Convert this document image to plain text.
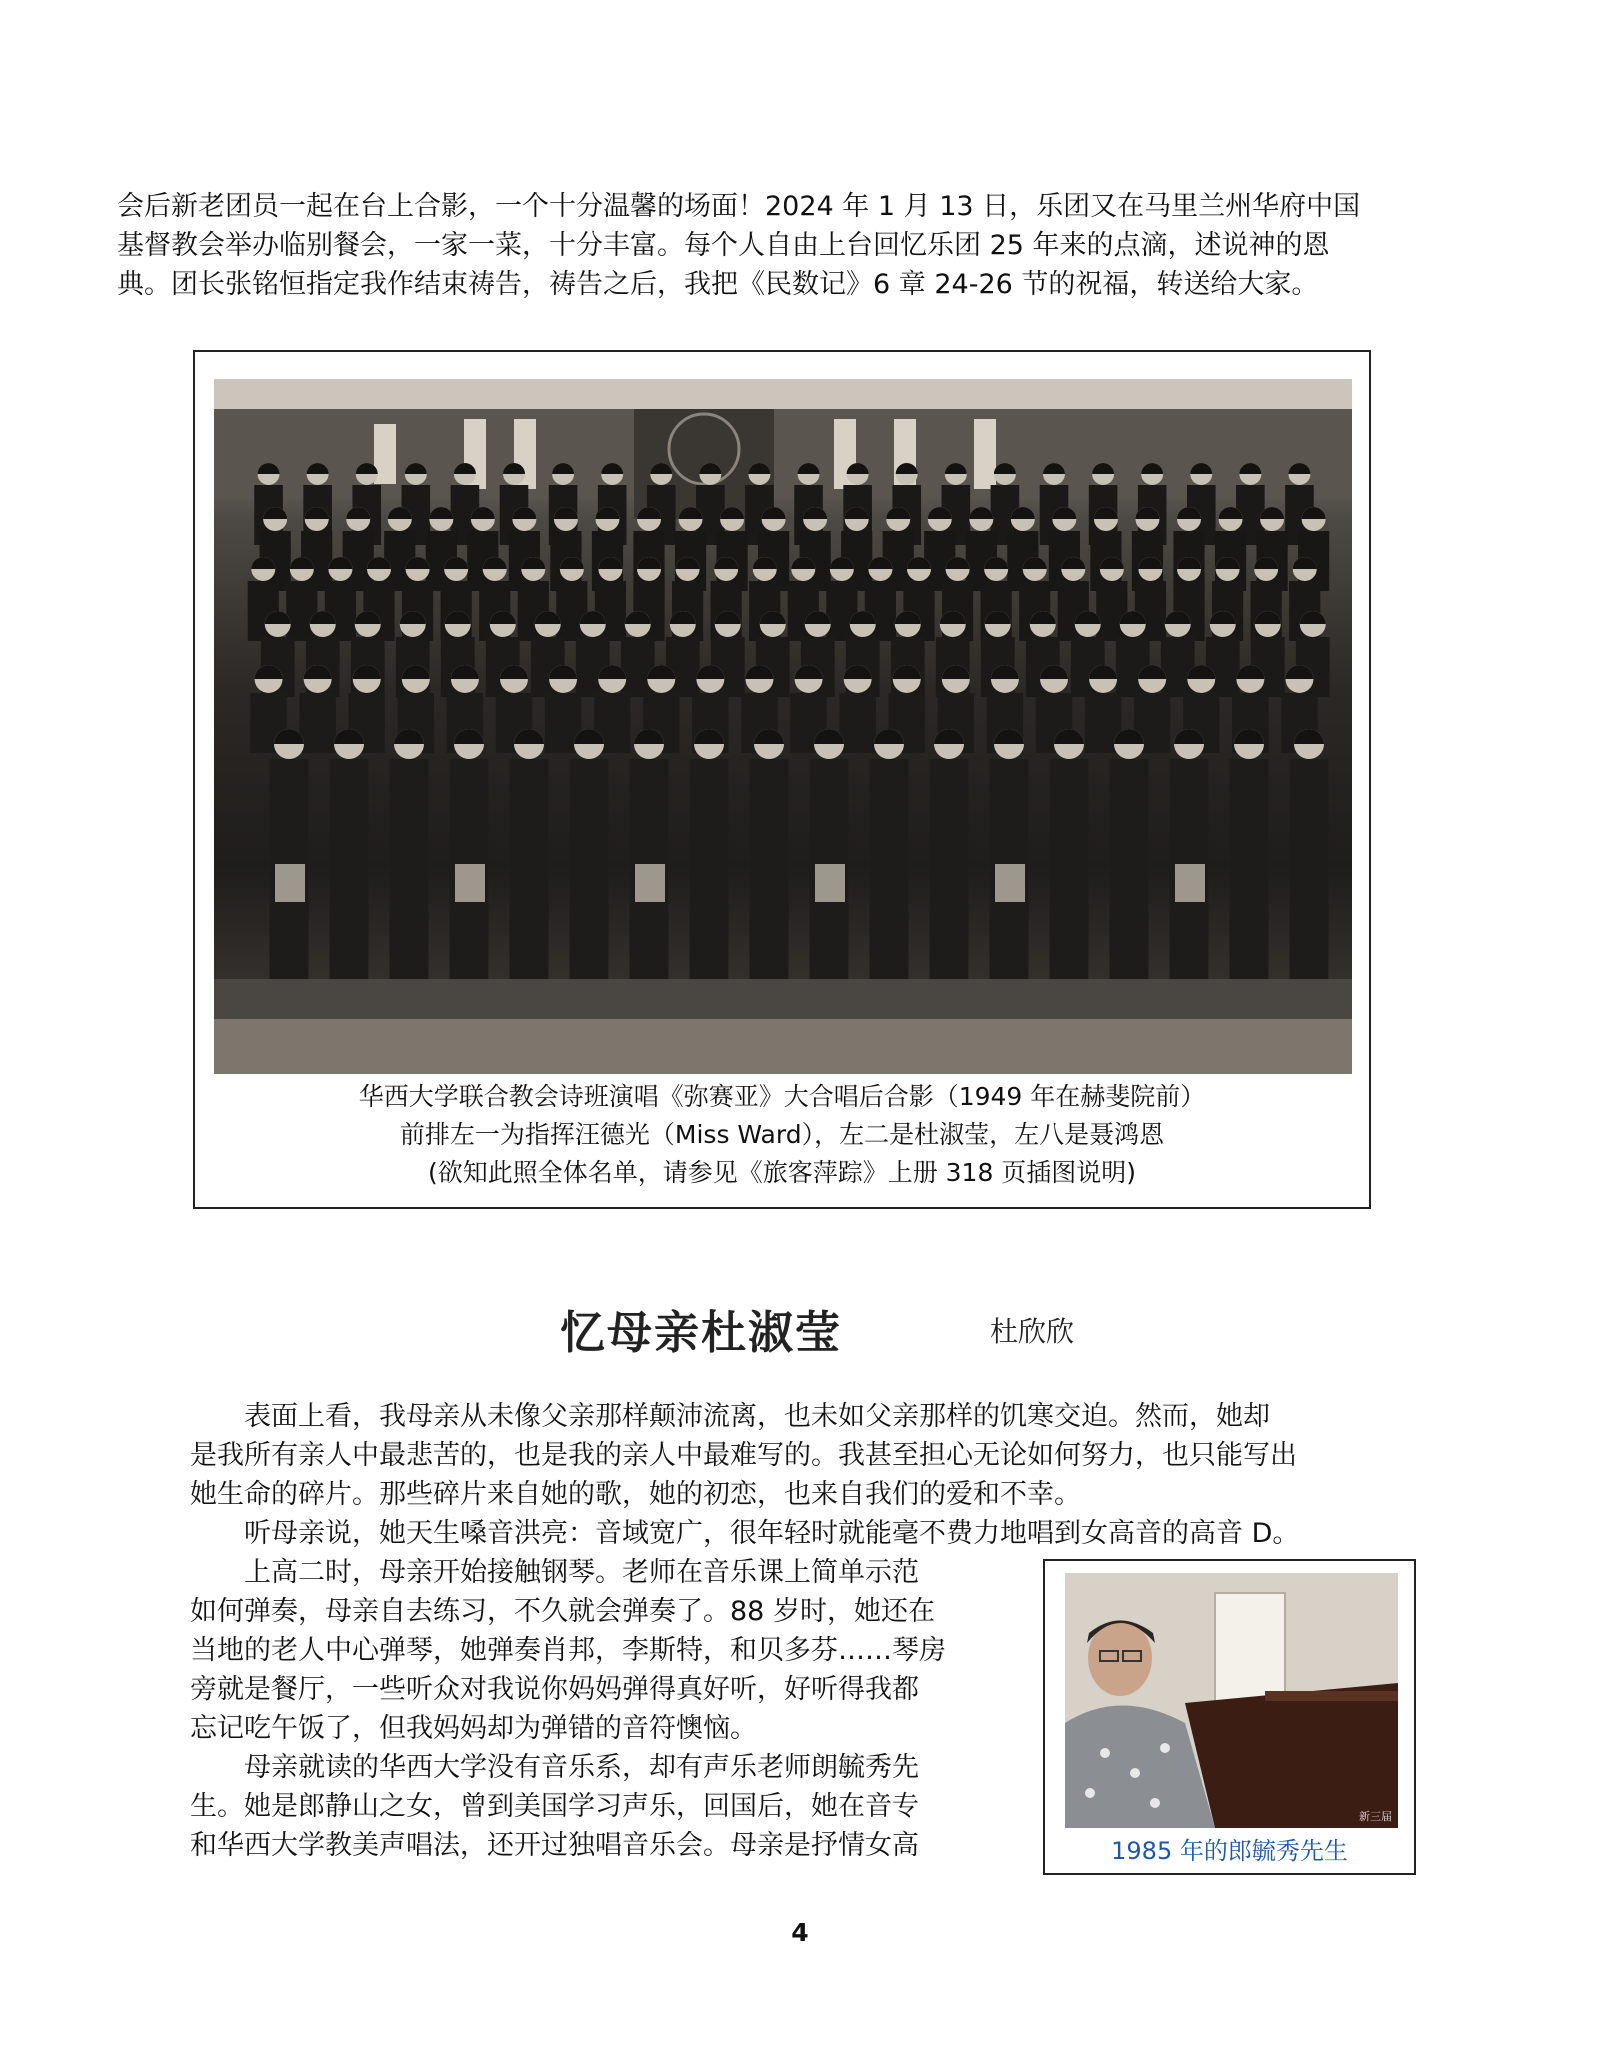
会后新老团员一起在台上合影，一个十分温馨的场面！2024 年 1 月 13 日，乐团又在马里兰州华府中国

基督教会举办临别餐会，一家一菜，十分丰富。每个人自由上台回忆乐团 25 年来的点滴，述说神的恩

典。团长张铭恒指定我作结束祷告，祷告之后，我把《民数记》6 章 24-26 节的祝福，转送给大家。

华西大学联合教会诗班演唱《弥赛亚》大合唱后合影（1949 年在赫斐院前）
前排左一为指挥汪德光（Miss Ward），左二是杜淑莹，左八是聂鸿恩
(欲知此照全体名单，请参见《旅客萍踪》上册 318 页插图说明)
忆母亲杜淑莹	杜欣欣

　　表面上看，我母亲从未像父亲那样颠沛流离，也未如父亲那样的饥寒交迫。然而，她却

是我所有亲人中最悲苦的，也是我的亲人中最难写的。我甚至担心无论如何努力，也只能写出

她生命的碎片。那些碎片来自她的歌，她的初恋，也来自我们的爱和不幸。

　　听母亲说，她天生嗓音洪亮：音域宽广，很年轻时就能毫不费力地唱到女高音的高音 D。

　　上高二时，母亲开始接触钢琴。老师在音乐课上简单示范

如何弹奏，母亲自去练习，不久就会弹奏了。88 岁时，她还在

当地的老人中心弹琴，她弹奏肖邦，李斯特，和贝多芬……琴房

旁就是餐厅，一些听众对我说你妈妈弹得真好听，好听得我都

忘记吃午饭了，但我妈妈却为弹错的音符懊恼。

　　母亲就读的华西大学没有音乐系，却有声乐老师朗毓秀先

生。她是郎静山之女，曾到美国学习声乐，回国后，她在音专

和华西大学教美声唱法，还开过独唱音乐会。母亲是抒情女高

新三届
1985 年的郎毓秀先生
4
